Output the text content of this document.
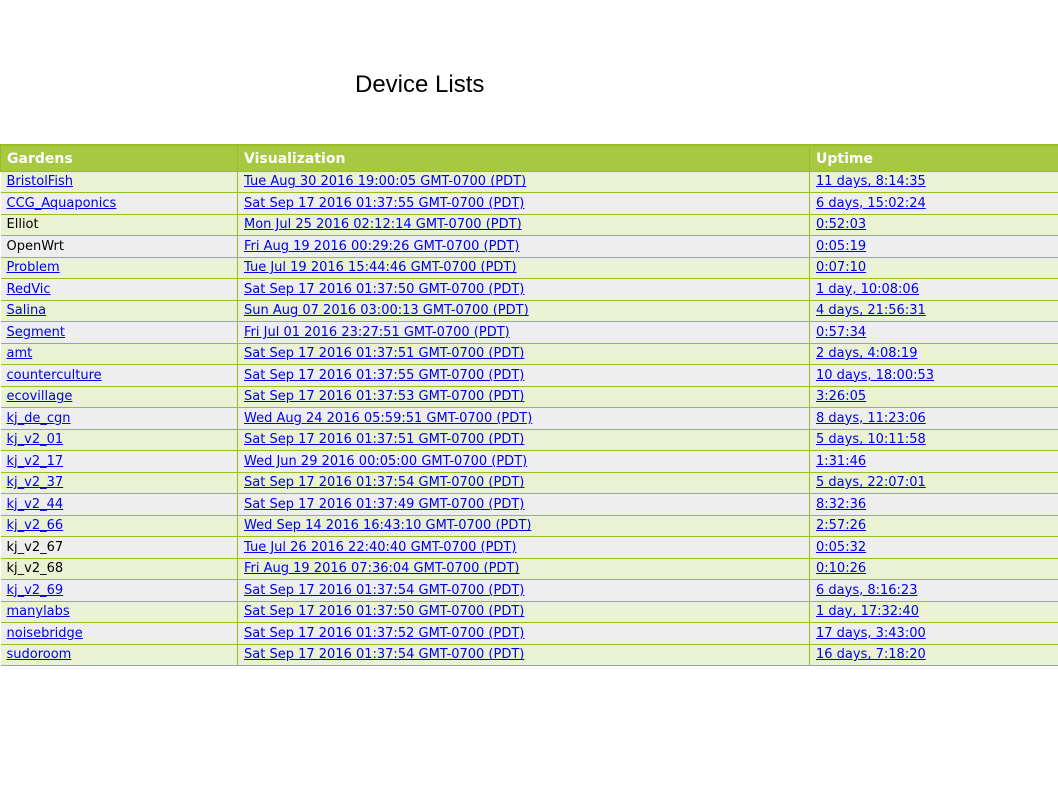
Device Lists
Gardens	Visualization	Uptime
BristolFish	Tue Aug 30 2016 19:00:05 GMT-0700 (PDT)	11 days, 8:14:35
CCG_Aquaponics	Sat Sep 17 2016 01:37:55 GMT-0700 (PDT)	6 days, 15:02:24
Elliot	Mon Jul 25 2016 02:12:14 GMT-0700 (PDT)	0:52:03
OpenWrt	Fri Aug 19 2016 00:29:26 GMT-0700 (PDT)	0:05:19
Problem	Tue Jul 19 2016 15:44:46 GMT-0700 (PDT)	0:07:10
RedVic	Sat Sep 17 2016 01:37:50 GMT-0700 (PDT)	1 day, 10:08:06
Salina	Sun Aug 07 2016 03:00:13 GMT-0700 (PDT)	4 days, 21:56:31
Segment	Fri Jul 01 2016 23:27:51 GMT-0700 (PDT)	0:57:34
amt	Sat Sep 17 2016 01:37:51 GMT-0700 (PDT)	2 days, 4:08:19
counterculture	Sat Sep 17 2016 01:37:55 GMT-0700 (PDT)	10 days, 18:00:53
ecovillage	Sat Sep 17 2016 01:37:53 GMT-0700 (PDT)	3:26:05
kj_de_cgn	Wed Aug 24 2016 05:59:51 GMT-0700 (PDT)	8 days, 11:23:06
kj_v2_01	Sat Sep 17 2016 01:37:51 GMT-0700 (PDT)	5 days, 10:11:58
kj_v2_17	Wed Jun 29 2016 00:05:00 GMT-0700 (PDT)	1:31:46
kj_v2_37	Sat Sep 17 2016 01:37:54 GMT-0700 (PDT)	5 days, 22:07:01
kj_v2_44	Sat Sep 17 2016 01:37:49 GMT-0700 (PDT)	8:32:36
kj_v2_66	Wed Sep 14 2016 16:43:10 GMT-0700 (PDT)	2:57:26
kj_v2_67	Tue Jul 26 2016 22:40:40 GMT-0700 (PDT)	0:05:32
kj_v2_68	Fri Aug 19 2016 07:36:04 GMT-0700 (PDT)	0:10:26
kj_v2_69	Sat Sep 17 2016 01:37:54 GMT-0700 (PDT)	6 days, 8:16:23
manylabs	Sat Sep 17 2016 01:37:50 GMT-0700 (PDT)	1 day, 17:32:40
noisebridge	Sat Sep 17 2016 01:37:52 GMT-0700 (PDT)	17 days, 3:43:00
sudoroom	Sat Sep 17 2016 01:37:54 GMT-0700 (PDT)	16 days, 7:18:20
